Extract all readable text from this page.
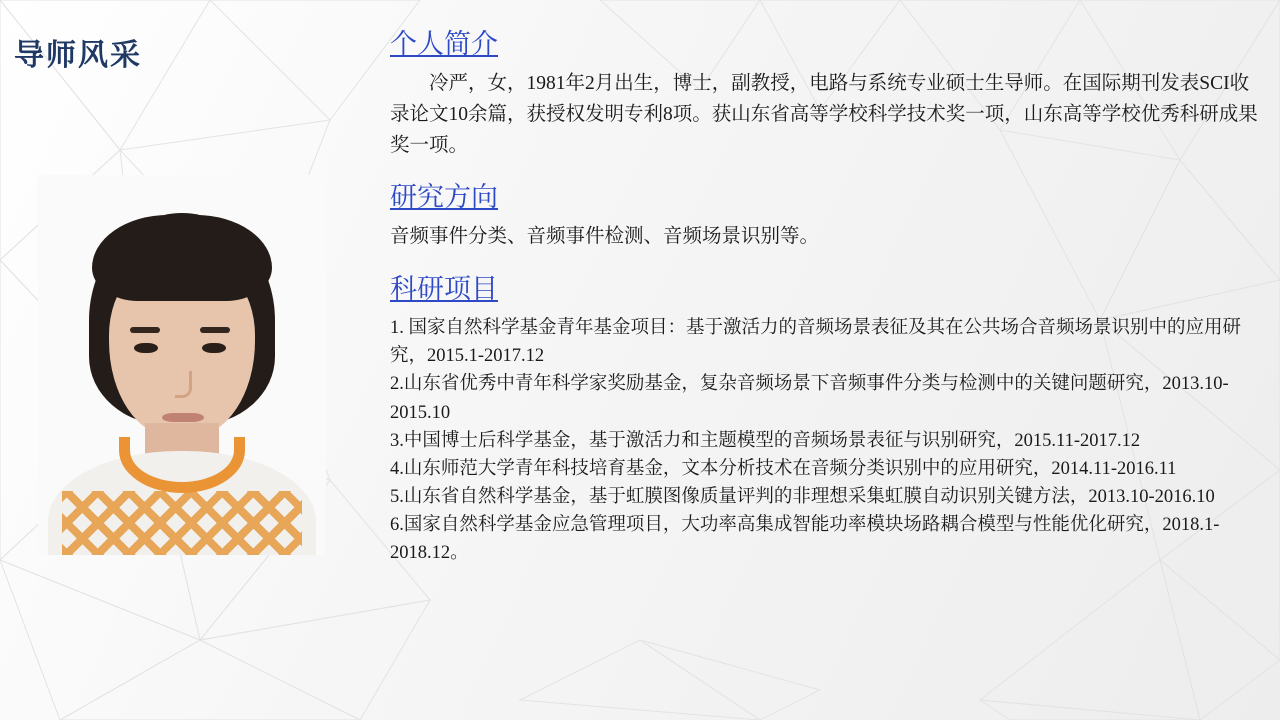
导师风采	个人简介

冷严，女，1981年2月出生，博士，副教授，电路与系统专业硕士生导师。在国际期刊发表SCI收录论文10余篇，获授权发明专利8项。获山东省高等学校科学技术奖一项，山东高等学校优秀科研成果奖一项。

研究方向

音频事件分类、音频事件检测、音频场景识别等。

科研项目
1. 国家自然科学基金青年基金项目：基于激活力的音频场景表征及其在公共场合音频场景识别中的应用研究，2015.1-2017.12
2.山东省优秀中青年科学家奖励基金，复杂音频场景下音频事件分类与检测中的关键问题研究，2013.10-2015.10
3.中国博士后科学基金，基于激活力和主题模型的音频场景表征与识别研究，2015.11-2017.12
4.山东师范大学青年科技培育基金，文本分析技术在音频分类识别中的应用研究，2014.11-2016.11
5.山东省自然科学基金，基于虹膜图像质量评判的非理想采集虹膜自动识别关键方法，2013.10-2016.10
6.国家自然科学基金应急管理项目，大功率高集成智能功率模块场路耦合模型与性能优化研究，2018.1-2018.12。
